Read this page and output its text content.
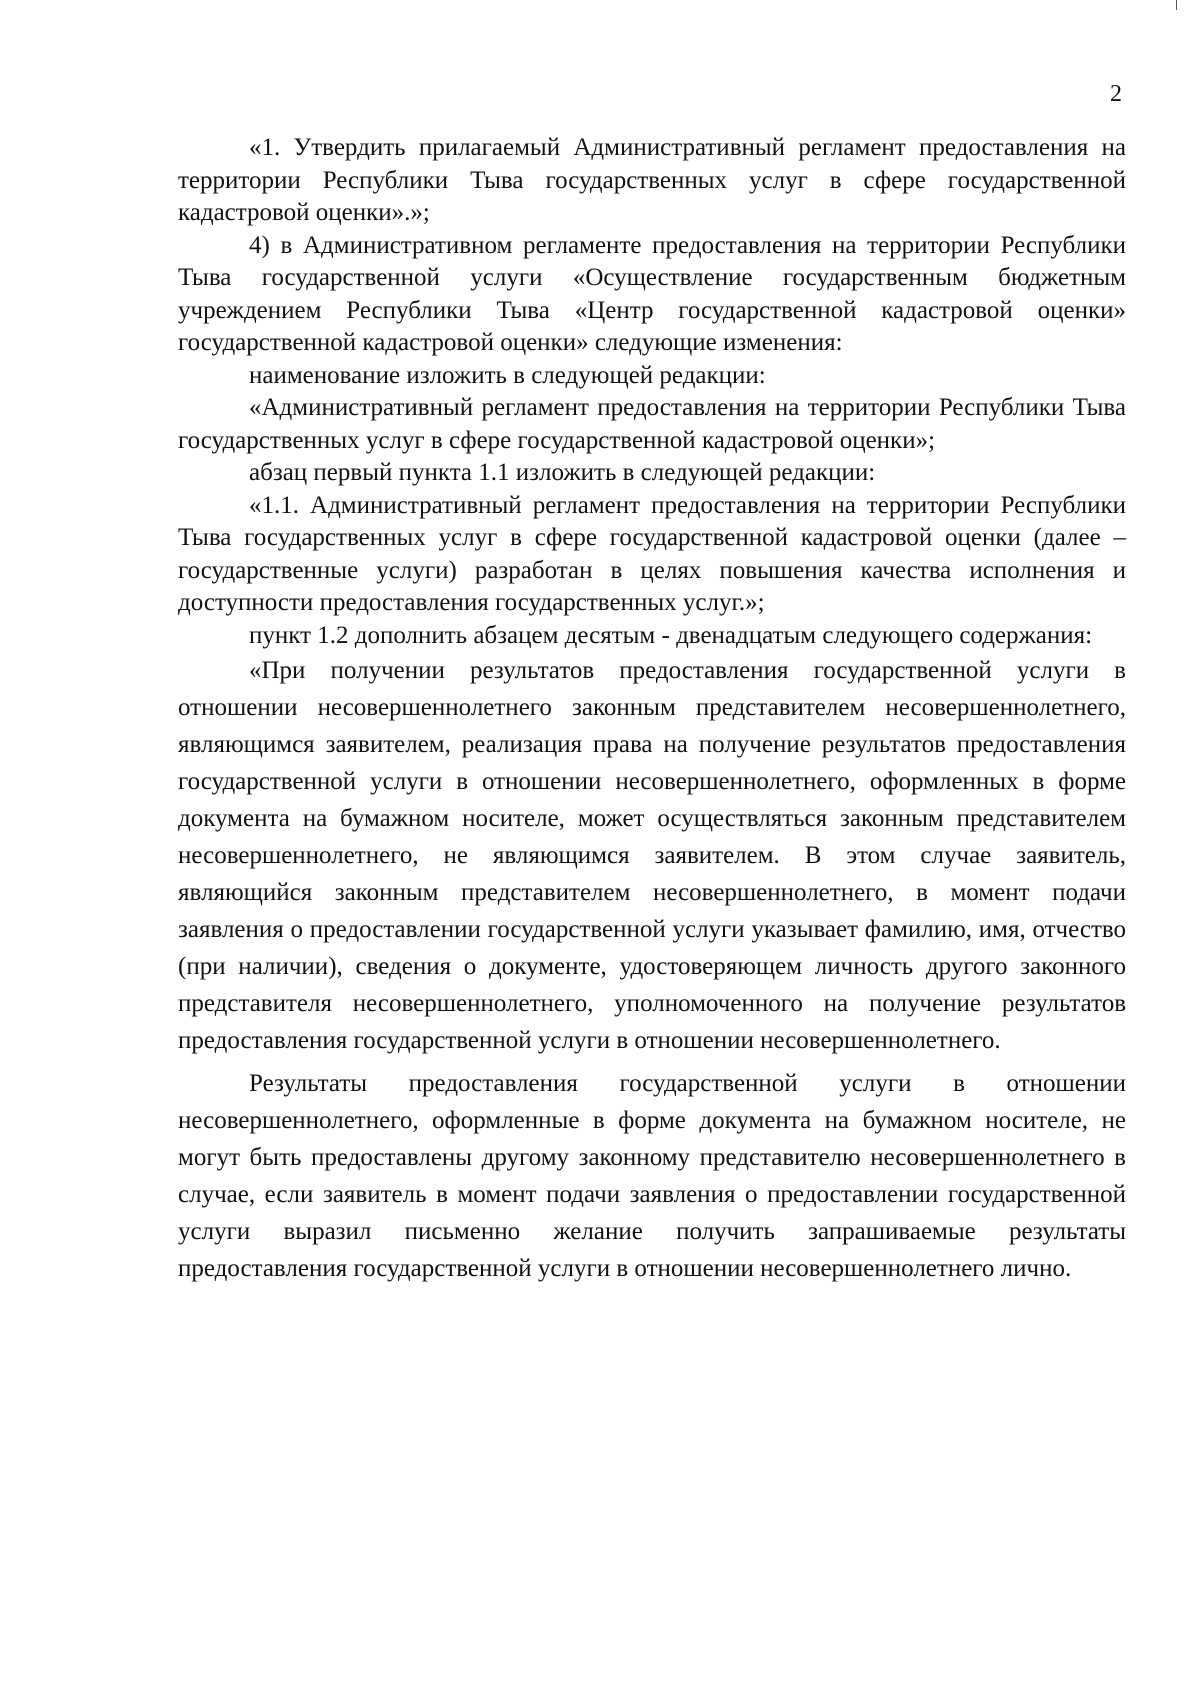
2

«1. Утвердить прилагаемый Административный регламент предоставления на территории Республики Тыва государственных услуг в сфере государственной кадастровой оценки».»;

4) в Административном регламенте предоставления на территории Республики Тыва государственной услуги «Осуществление государственным бюджетным учреждением Республики Тыва «Центр государственной кадастровой оценки» государственной кадастровой оценки» следующие изменения:

наименование изложить в следующей редакции:

«Административный регламент предоставления на территории Республики Тыва государственных услуг в сфере государственной кадастровой оценки»;

абзац первый пункта 1.1 изложить в следующей редакции:

«1.1. Административный регламент предоставления на территории Республики Тыва государственных услуг в сфере государственной кадастровой оценки (далее – государственные услуги) разработан в целях повышения качества исполнения и доступности предоставления государственных услуг.»;

пункт 1.2 дополнить абзацем десятым - двенадцатым следующего содержания:

«При получении результатов предоставления государственной услуги в отношении несовершеннолетнего законным представителем несовершеннолетнего, являющимся заявителем, реализация права на получение результатов предоставления государственной услуги в отношении несовершеннолетнего, оформленных в форме документа на бумажном носителе, может осуществляться законным представителем несовершеннолетнего, не являющимся заявителем. В этом случае заявитель, являющийся законным представителем несовершеннолетнего, в момент подачи заявления о предоставлении государственной услуги указывает фамилию, имя, отчество (при наличии), сведения о документе, удостоверяющем личность другого законного представителя несовершеннолетнего, уполномоченного на получение результатов предоставления государственной услуги в отношении несовершеннолетнего.

Результаты предоставления государственной услуги в отношении несовершеннолетнего, оформленные в форме документа на бумажном носителе, не могут быть предоставлены другому законному представителю несовершеннолетнего в случае, если заявитель в момент подачи заявления о предоставлении государственной услуги выразил письменно желание получить запрашиваемые результаты предоставления государственной услуги в отношении несовершеннолетнего лично.
